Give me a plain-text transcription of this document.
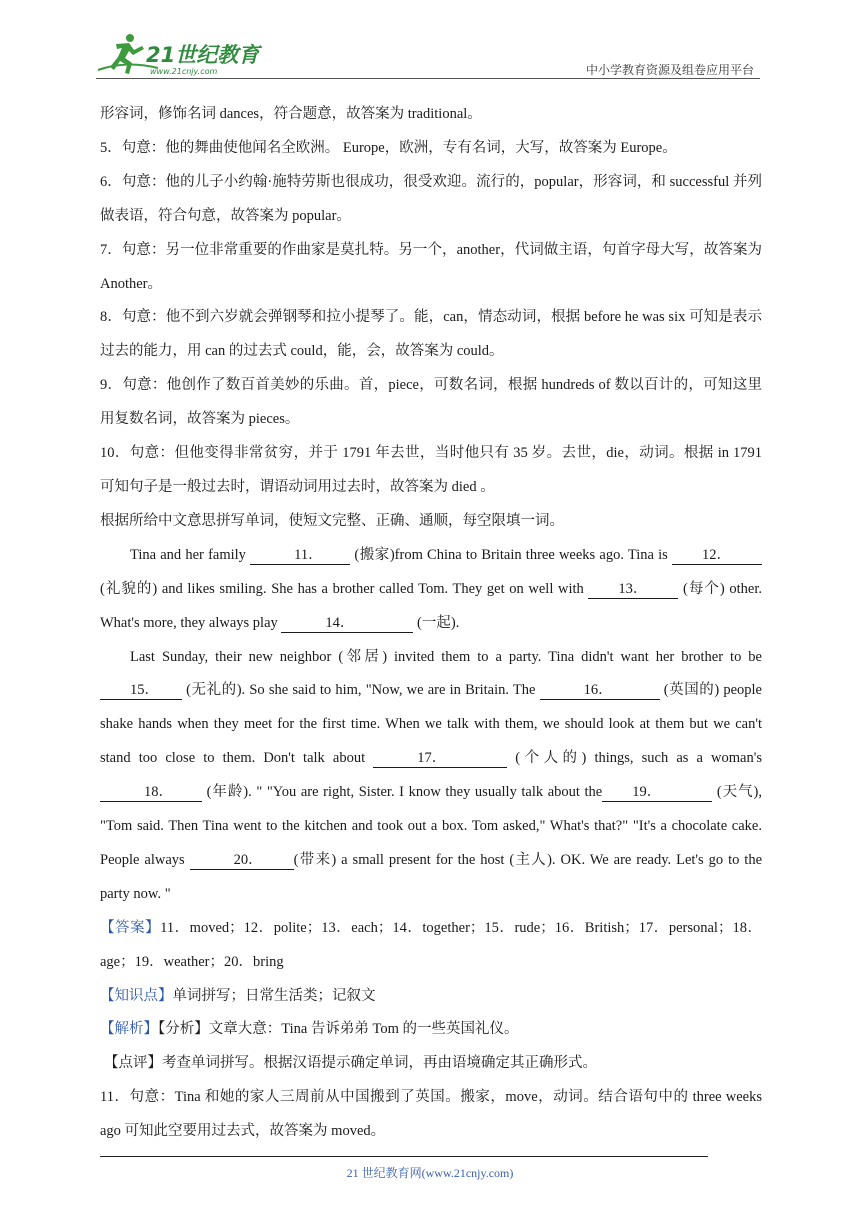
21世纪教育
www.21cnjy.com	中小学教育资源及组卷应用平台

形容词，修饰名词 dances，符合题意，故答案为 traditional。

5．句意：他的舞曲使他闻名全欧洲。 Europe，欧洲，专有名词，大写，故答案为 Europe。

6．句意：他的儿子小约翰·施特劳斯也很成功，很受欢迎。流行的，popular，形容词，和 successful 并列做表语，符合句意，故答案为 popular。

7．句意：另一位非常重要的作曲家是莫扎特。另一个，another，代词做主语，句首字母大写，故答案为 Another。

8．句意：他不到六岁就会弹钢琴和拉小提琴了。能，can，情态动词，根据 before he was six 可知是表示过去的能力，用 can 的过去式 could，能，会，故答案为 could。

9．句意：他创作了数百首美妙的乐曲。首，piece，可数名词，根据 hundreds of 数以百计的，可知这里用复数名词，故答案为 pieces。

10．句意：但他变得非常贫穷，并于 1791 年去世，当时他只有 35 岁。去世，die，动词。根据 in 1791 可知句子是一般过去时，谓语动词用过去时，故答案为 died 。

根据所给中文意思拼写单词，使短文完整、正确、通顺，每空限填一词。

Tina and her family	11． (搬家)from China to Britain three weeks ago. Tina is 12． (礼貌的) and likes smiling. She has a brother called Tom. They get on well with 13． (每个) other. What's more, they always play	14．	(一起).

Last Sunday, their new neighbor (邻居) invited them to a party. Tina didn't want her brother to be15． (无礼的). So she said to him, "Now, we are in Britain. The	16．	(英国的) people shake hands when they meet for the first time. When we talk with them, we should look at them but we can't stand too close to them. Don't talk about	17．	(个人的) things, such as a woman's 18． (年龄). " "You are right, Sister. I know they usually talk about the 19．	(天气), "Tom said. Then Tina went to the kitchen and took out a box. Tom asked," What's that?" "It's a chocolate cake. People always	20． (带来) a small present for the host (主人). OK. We are ready. Let's go to the party now. "

【答案】11．moved；12．polite；13．each；14．together；15．rude；16．British；17．personal；18．age；19．weather；20．bring

【知识点】单词拼写；日常生活类；记叙文

【解析】【分析】文章大意：Tina 告诉弟弟 Tom 的一些英国礼仪。

【点评】考查单词拼写。根据汉语提示确定单词，再由语境确定其正确形式。

11．句意：Tina 和她的家人三周前从中国搬到了英国。搬家，move，动词。结合语句中的 three weeks ago 可知此空要用过去式，故答案为 moved。

21 世纪教育网(www.21cnjy.com)
